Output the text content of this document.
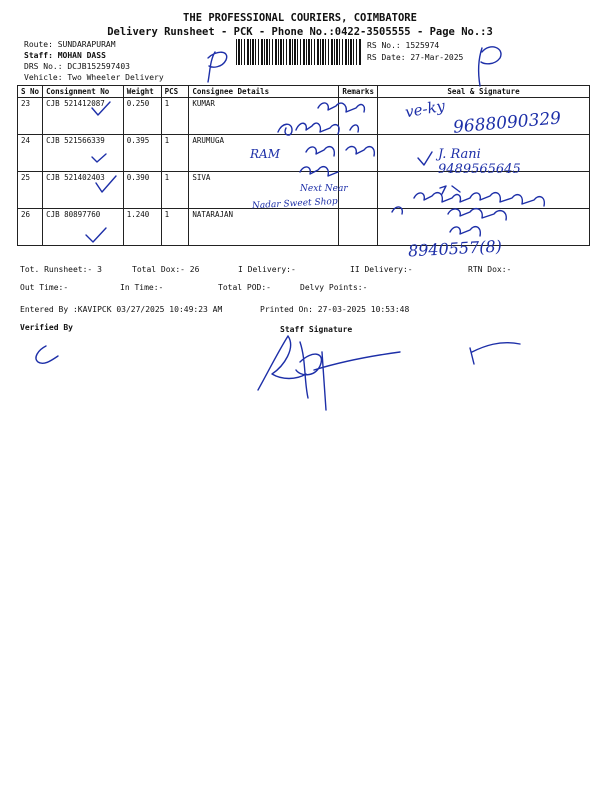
THE PROFESSIONAL COURIERS, COIMBATORE
Delivery Runsheet - PCK - Phone No.:0422-3505555 - Page No.:3
Route: SUNDARAPURAM
Staff: MOHAN DASS
DRS No.: DCJB152597403
Vehicle: Two Wheeler Delivery
RS No.: 1525974
RS Date: 27-Mar-2025
S No	Consignment No	Weight	PCS	Consignee Details	Remarks	Seal & Signature
23	CJB 521412087	0.250	1	KUMAR		
24	CJB 521566339	0.395	1	ARUMUGA		
25	CJB 521402403	0.390	1	SIVA		
26	CJB 80897760	1.240	1	NATARAJAN		
Tot. Runsheet:- 3	Total Dox:- 26	I Delivery:-	II Delivery:-	RTN Dox:-
Out Time:-	In Time:-	Total POD:-	Delvy Points:-
Entered By :KAVIPCK 03/27/2025 10:49:23 AM	Printed On: 27-03-2025 10:53:48
Verified By	Staff Signature
ve-ky 9688090329
RAM	J. Rani
9489565645
Next Near
Nadar Sweet Shop
8940557(8)
